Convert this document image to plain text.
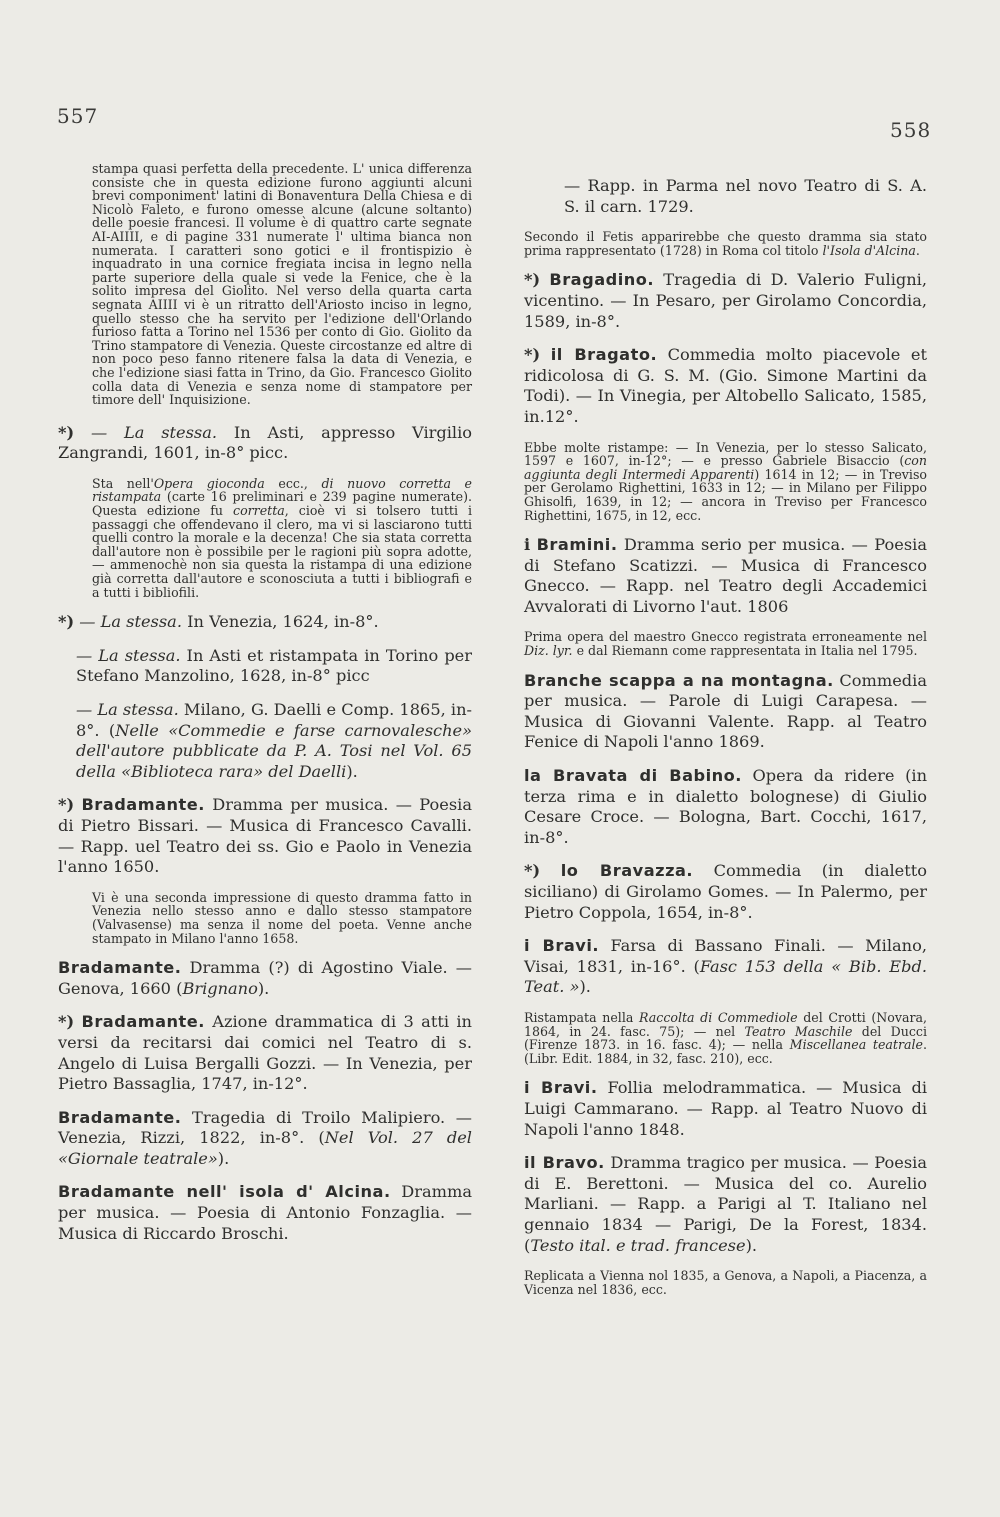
557
558
stampa quasi perfetta della precedente. L' unica differenza consiste che in questa edizione furono aggiunti alcuni brevi componiment' latini di Bonaventura Della Chiesa e di Nicolò Faleto, e furono omesse alcune (alcune soltanto) delle poesie francesi. Il volume è di quattro carte segnate AI-AIIII, e di pagine 331 numerate l' ultima bianca non numerata. I caratteri sono gotici e il frontispizio è inquadrato in una cornice fregiata incisa in legno nella parte superiore della quale si vede la Fenice, che è la solito impresa del Giolito. Nel verso della quarta carta segnata AIIII vi è un ritratto dell'Ariosto inciso in legno, quello stesso che ha servito per l'edizione dell'Orlando furioso fatta a Torino nel 1536 per conto di Gio. Giolito da Trino stampatore di Venezia. Queste circostanze ed altre di non poco peso fanno ritenere falsa la data di Venezia, e che l'edizione siasi fatta in Trino, da Gio. Francesco Giolito colla data di Venezia e senza nome di stampatore per timore dell' Inquisizione.
*) — La stessa. In Asti, appresso Virgilio Zangrandi, 1601, in-8° picc.
Sta nell'Opera gioconda ecc., di nuovo corretta e ristampata (carte 16 preliminari e 239 pagine numerate). Questa edizione fu corretta, cioè vi si tolsero tutti i passaggi che offendevano il clero, ma vi si lasciarono tutti quelli contro la morale e la decenza! Che sia stata corretta dall'autore non è possibile per le ragioni più sopra adotte, — ammenochè non sia questa la ristampa di una edizione già corretta dall'autore e sconosciuta a tutti i bibliografi e a tutti i bibliofili.
*) — La stessa. In Venezia, 1624, in-8°.
— La stessa. In Asti et ristampata in Torino per Stefano Manzolino, 1628, in-8° picc
— La stessa. Milano, G. Daelli e Comp. 1865, in-8°. (Nelle «Commedie e farse carnovalesche» dell'autore pubblicate da P. A. Tosi nel Vol. 65 della «Biblioteca rara» del Daelli).
*) Bradamante. Dramma per musica. — Poesia di Pietro Bissari. — Musica di Francesco Cavalli. — Rapp. uel Teatro dei ss. Gio e Paolo in Venezia l'anno 1650.
Vi è una seconda impressione di questo dramma fatto in Venezia nello stesso anno e dallo stesso stampatore (Valvasense) ma senza il nome del poeta. Venne anche stampato in Milano l'anno 1658.
Bradamante. Dramma (?) di Agostino Viale. — Genova, 1660 (Brignano).
*) Bradamante. Azione drammatica di 3 atti in versi da recitarsi dai comici nel Teatro di s. Angelo di Luisa Bergalli Gozzi. — In Venezia, per Pietro Bassaglia, 1747, in-12°.
Bradamante. Tragedia di Troilo Malipiero. — Venezia, Rizzi, 1822, in-8°. (Nel Vol. 27 del «Giornale teatrale»).
Bradamante nell' isola d' Alcina. Dramma per musica. — Poesia di Antonio Fonzaglia. — Musica di Riccardo Broschi.
— Rapp. in Parma nel novo Teatro di S. A. S. il carn. 1729.
Secondo il Fetis apparirebbe che questo dramma sia stato prima rappresentato (1728) in Roma col titolo l'Isola d'Alcina.
*) Bragadino. Tragedia di D. Valerio Fuligni, vicentino. — In Pesaro, per Girolamo Concordia, 1589, in-8°.
*) il Bragato. Commedia molto piacevole et ridicolosa di G. S. M. (Gio. Simone Martini da Todi). — In Vinegia, per Altobello Salicato, 1585, in.12°.
Ebbe molte ristampe: — In Venezia, per lo stesso Salicato, 1597 e 1607, in-12°; — e presso Gabriele Bisaccio (con aggiunta degli Intermedi Apparenti) 1614 in 12; — in Treviso per Gerolamo Righettini, 1633 in 12; — in Milano per Filippo Ghisolfi, 1639, in 12; — ancora in Treviso per Francesco Righettini, 1675, in 12, ecc.
i Bramini. Dramma serio per musica. — Poesia di Stefano Scatizzi. — Musica di Francesco Gnecco. — Rapp. nel Teatro degli Accademici Avvalorati di Livorno l'aut. 1806
Prima opera del maestro Gnecco registrata erroneamente nel Diz. lyr. e dal Riemann come rappresentata in Italia nel 1795.
Branche scappa a na montagna. Commedia per musica. — Parole di Luigi Carapesa. — Musica di Giovanni Valente. Rapp. al Teatro Fenice di Napoli l'anno 1869.
la Bravata di Babino. Opera da ridere (in terza rima e in dialetto bolognese) di Giulio Cesare Croce. — Bologna, Bart. Cocchi, 1617, in-8°.
*) lo Bravazza. Commedia (in dialetto siciliano) di Girolamo Gomes. — In Palermo, per Pietro Coppola, 1654, in-8°.
i Bravi. Farsa di Bassano Finali. — Milano, Visai, 1831, in-16°. (Fasc 153 della « Bib. Ebd. Teat. »).
Ristampata nella Raccolta di Commediole del Crotti (Novara, 1864, in 24. fasc. 75); — nel Teatro Maschile del Ducci (Firenze 1873. in 16. fasc. 4); — nella Miscellanea teatrale. (Libr. Edit. 1884, in 32, fasc. 210), ecc.
i Bravi. Follia melodrammatica. — Musica di Luigi Cammarano. — Rapp. al Teatro Nuovo di Napoli l'anno 1848.
il Bravo. Dramma tragico per musica. — Poesia di E. Berettoni. — Musica del co. Aurelio Marliani. — Rapp. a Parigi al T. Italiano nel gennaio 1834 — Parigi, De la Forest, 1834. (Testo ital. e trad. francese).
Replicata a Vienna nol 1835, a Genova, a Napoli, a Piacenza, a Vicenza nel 1836, ecc.
